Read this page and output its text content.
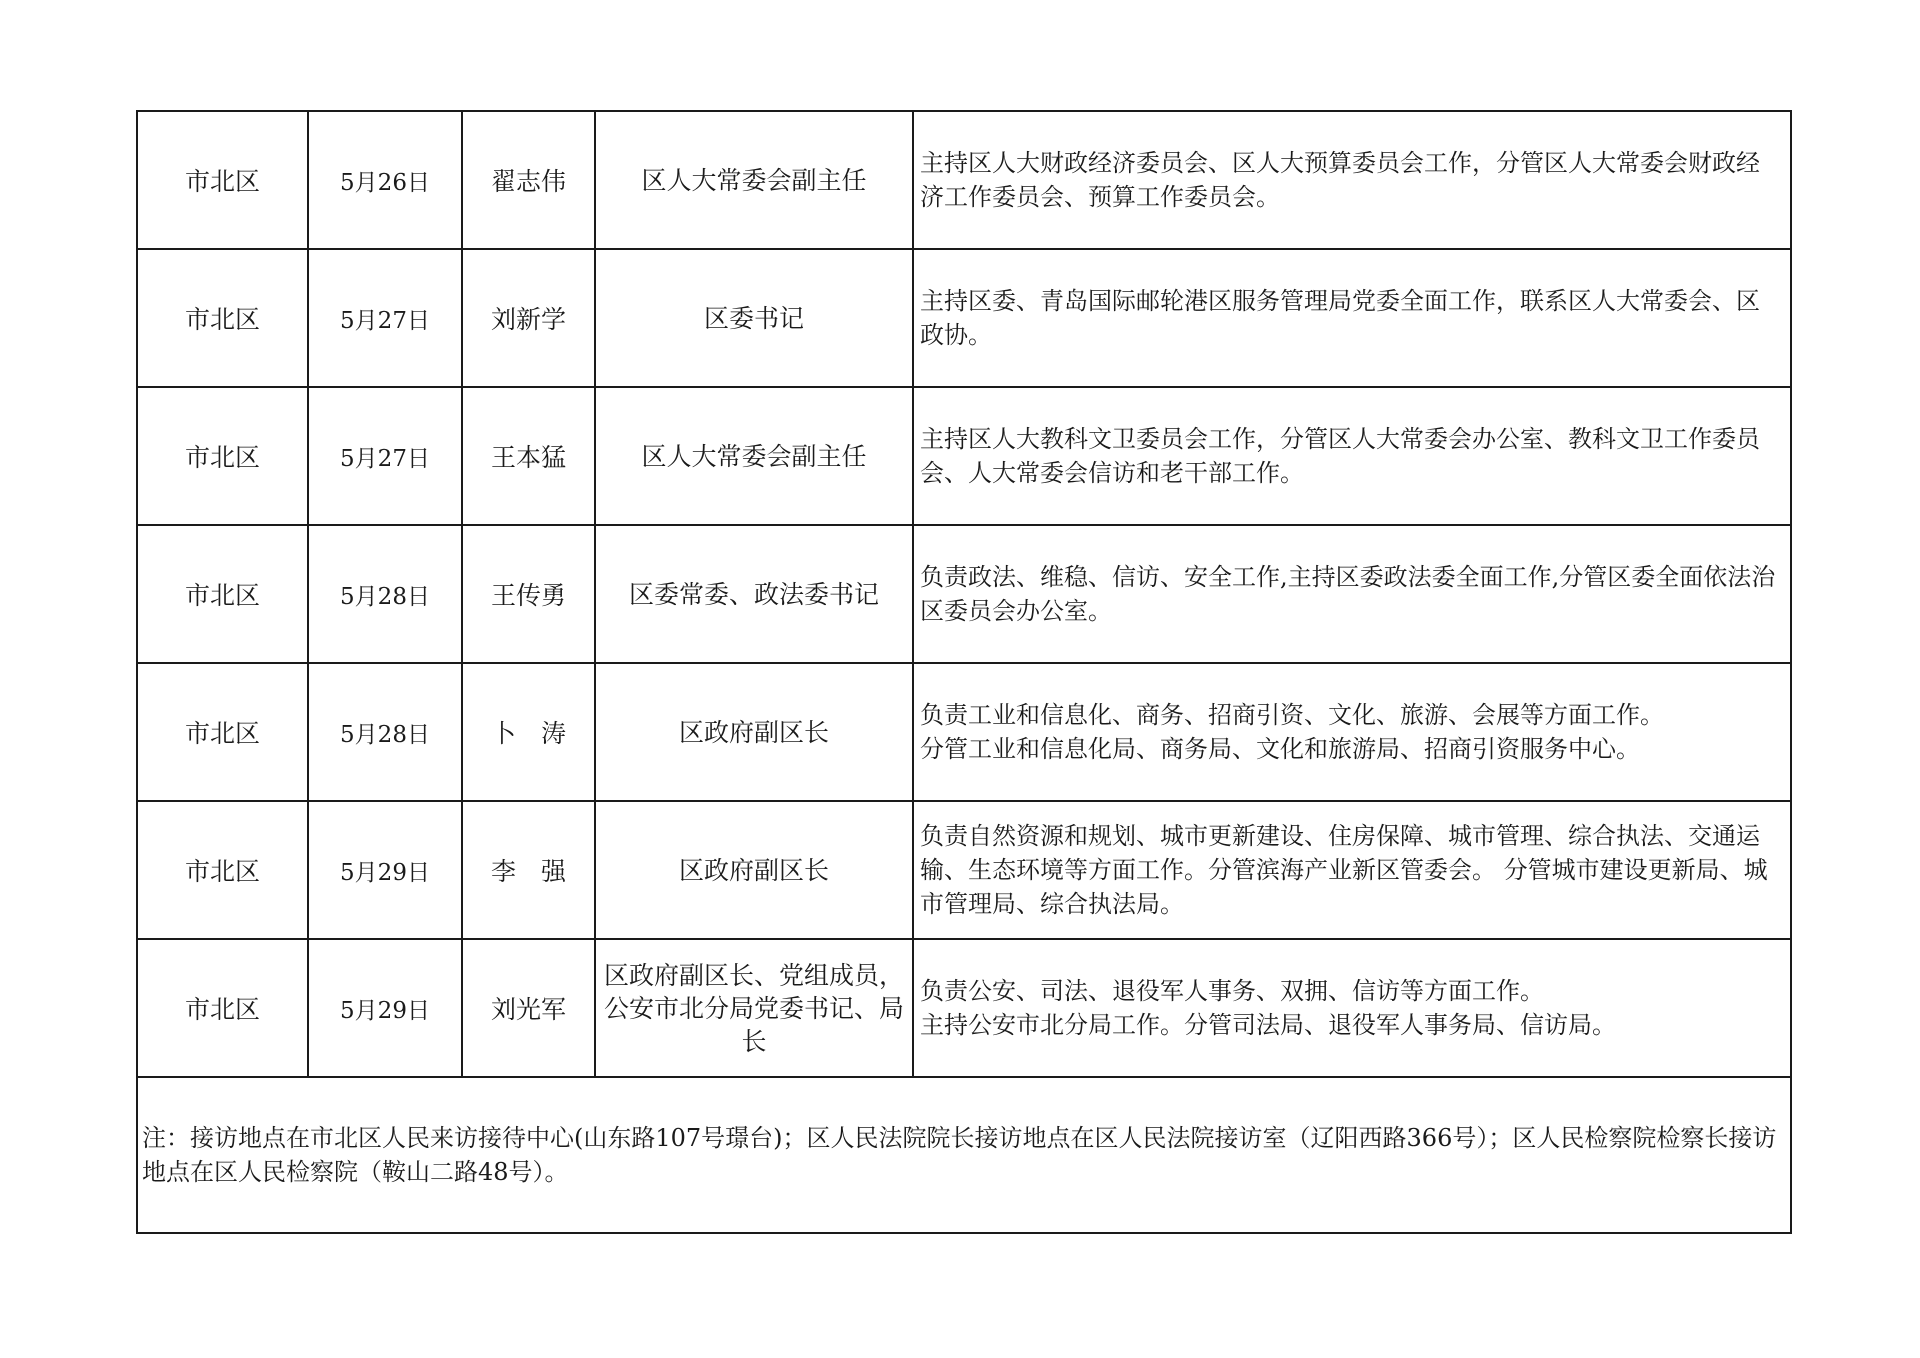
市北区	5月26日	翟志伟	区人大常委会副主任	主持区人大财政经济委员会、区人大预算委员会工作，分管区人大常委会财政经济工作委员会、预算工作委员会。

市北区	5月27日	刘新学	区委书记	主持区委、青岛国际邮轮港区服务管理局党委全面工作，联系区人大常委会、区政协。

市北区	5月27日	王本猛	区人大常委会副主任	主持区人大教科文卫委员会工作，分管区人大常委会办公室、教科文卫工作委员会、人大常委会信访和老干部工作。

市北区	5月28日	王传勇	区委常委、政法委书记	负责政法、维稳、信访、安全工作,主持区委政法委全面工作,分管区委全面依法治区委员会办公室。

市北区	5月28日	卜　涛	区政府副区长	负责工业和信息化、商务、招商引资、文化、旅游、会展等方面工作。
分管工业和信息化局、商务局、文化和旅游局、招商引资服务中心。

市北区	5月29日	李　强	区政府副区长	负责自然资源和规划、城市更新建设、住房保障、城市管理、综合执法、交通运输、生态环境等方面工作。分管滨海产业新区管委会。 分管城市建设更新局、城市管理局、综合执法局。

市北区	5月29日	刘光军	区政府副区长、党组成员，公安市北分局党委书记、局长	负责公安、司法、退役军人事务、双拥、信访等方面工作。
主持公安市北分局工作。分管司法局、退役军人事务局、信访局。

注：接访地点在市北区人民来访接待中心(山东路107号璟台)；区人民法院院长接访地点在区人民法院接访室（辽阳西路366号）；区人民检察院检察长接访地点在区人民检察院（鞍山二路48号）。				
